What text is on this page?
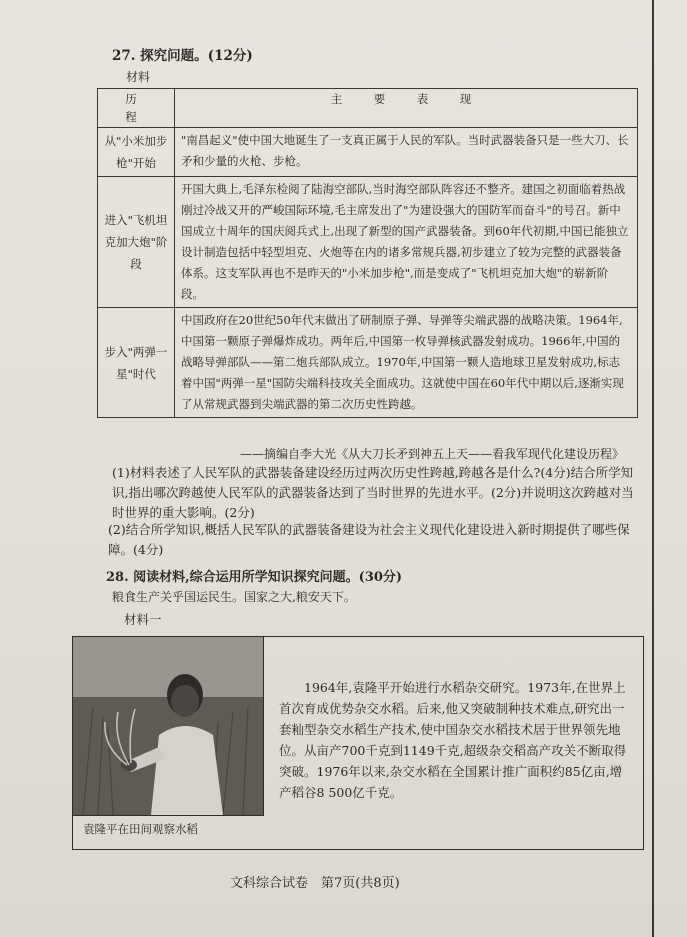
27. 探究问题。(12分)
材料
历　程	主　要　表　现
从"小米加步枪"开始	"南昌起义"使中国大地诞生了一支真正属于人民的军队。当时武器装备只是一些大刀、长矛和少量的火枪、步枪。
进入"飞机坦克加大炮"阶段	开国大典上,毛泽东检阅了陆海空部队,当时海空部队阵容还不整齐。建国之初面临着热战刚过冷战又开的严峻国际环境,毛主席发出了"为建设强大的国防军而奋斗"的号召。新中国成立十周年的国庆阅兵式上,出现了新型的国产武器装备。到60年代初期,中国已能独立设计制造包括中轻型坦克、火炮等在内的诸多常规兵器,初步建立了较为完整的武器装备体系。这支军队再也不是昨天的"小米加步枪",而是变成了"飞机坦克加大炮"的崭新阶段。
步入"两弹一星"时代	中国政府在20世纪50年代末做出了研制原子弹、导弹等尖端武器的战略决策。1964年,中国第一颗原子弹爆炸成功。两年后,中国第一枚导弹核武器发射成功。1966年,中国的战略导弹部队——第二炮兵部队成立。1970年,中国第一颗人造地球卫星发射成功,标志着中国"两弹一星"国防尖端科技攻关全面成功。这就使中国在60年代中期以后,逐渐实现了从常规武器到尖端武器的第二次历史性跨越。
——摘编自李大光《从大刀长矛到神五上天——看我军现代化建设历程》
(1)材料表述了人民军队的武器装备建设经历过两次历史性跨越,跨越各是什么?(4分)结合所学知识,指出哪次跨越使人民军队的武器装备达到了当时世界的先进水平。(2分)并说明这次跨越对当时世界的重大影响。(2分)
(2)结合所学知识,概括人民军队的武器装备建设为社会主义现代化建设进入新时期提供了哪些保障。(4分)
28. 阅读材料,综合运用所学知识探究问题。(30分)
粮食生产关乎国运民生。国家之大,粮安天下。
材料一
袁隆平在田间观察水稻
1964年,袁隆平开始进行水稻杂交研究。1973年,在世界上首次育成优势杂交水稻。后来,他又突破制种技术难点,研究出一套籼型杂交水稻生产技术,使中国杂交水稻技术居于世界领先地位。从亩产700千克到1149千克,超级杂交稻高产攻关不断取得突破。1976年以来,杂交水稻在全国累计推广面积约85亿亩,增产稻谷8 500亿千克。
文科综合试卷　第7页(共8页)
